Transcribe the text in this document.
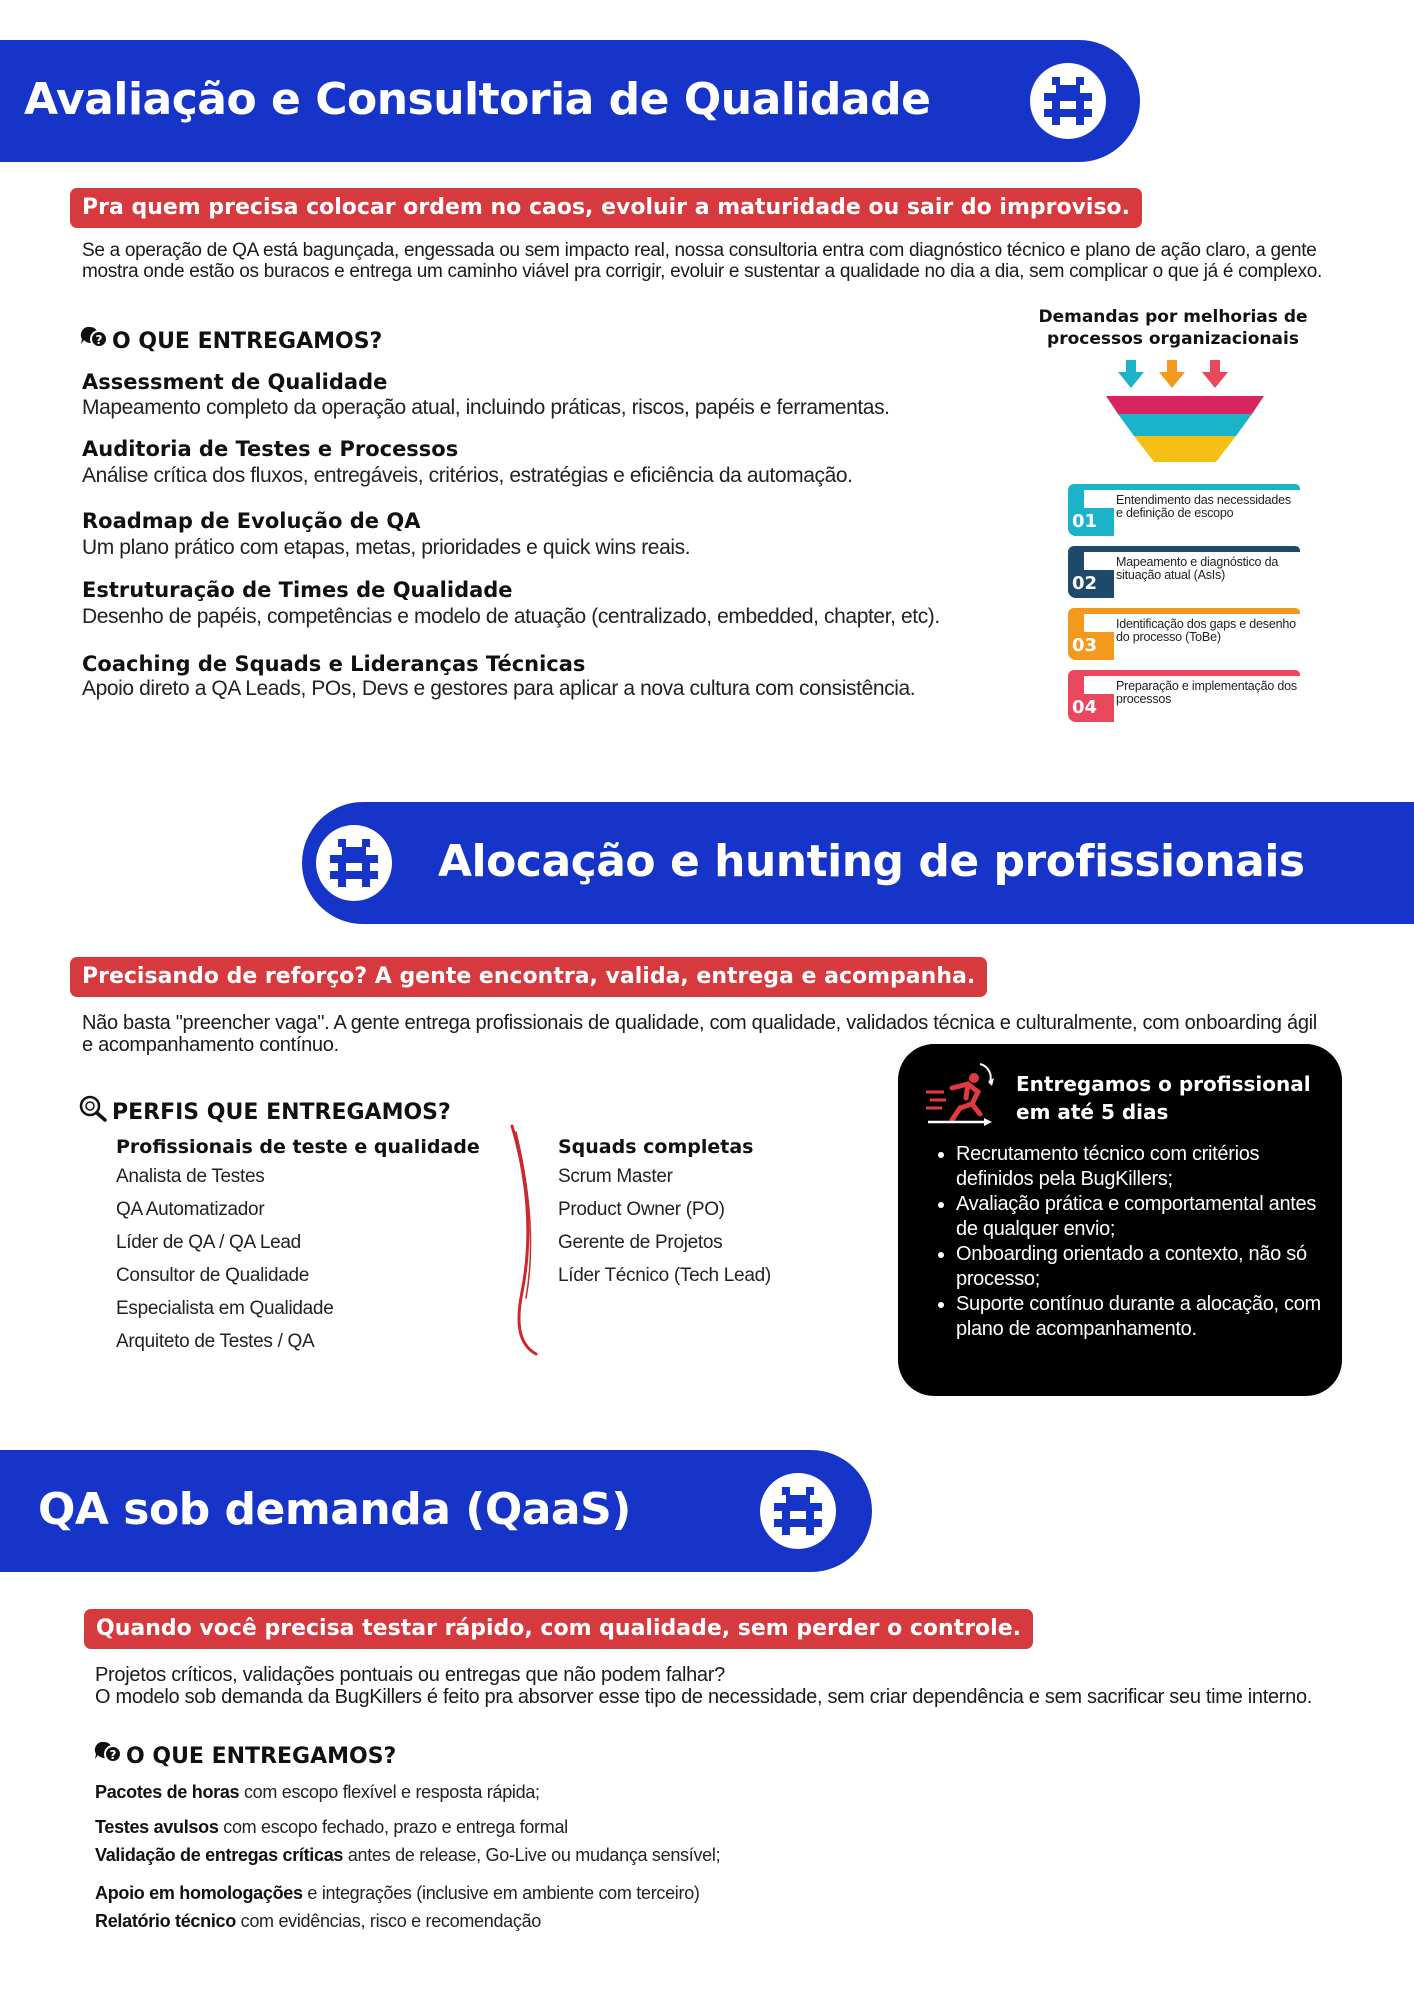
Avaliação e Consultoria de Qualidade
Pra quem precisa colocar ordem no caos, evoluir a maturidade ou sair do improviso.
Se a operação de QA está bagunçada, engessada ou sem impacto real, nossa consultoria entra com diagnóstico técnico e plano de ação claro, a gente mostra onde estão os buracos e entrega um caminho viável pra corrigir, evoluir e sustentar a qualidade no dia a dia, sem complicar o que já é complexo.
? O QUE ENTREGAMOS?
Assessment de Qualidade
Mapeamento completo da operação atual, incluindo práticas, riscos, papéis e ferramentas.
Auditoria de Testes e Processos
Análise crítica dos fluxos, entregáveis, critérios, estratégias e eficiência da automação.
Roadmap de Evolução de QA
Um plano prático com etapas, metas, prioridades e quick wins reais.
Estruturação de Times de Qualidade
Desenho de papéis, competências e modelo de atuação (centralizado, embedded, chapter, etc).
Coaching de Squads e Lideranças Técnicas
Apoio direto a QA Leads, POs, Devs e gestores para aplicar a nova cultura com consistência.
Demandas por melhorias de
processos organizacionais
01
Entendimento das necessidades e definição de escopo
02
Mapeamento e diagnóstico da situação atual (AsIs)
03
Identificação dos gaps e desenho do processo (ToBe)
04
Preparação e implementação dos processos
Alocação e hunting de profissionais
Precisando de reforço? A gente encontra, valida, entrega e acompanha.
Não basta "preencher vaga". A gente entrega profissionais de qualidade, com qualidade, validados técnica e culturalmente, com onboarding ágil e acompanhamento contínuo.
PERFIS QUE ENTREGAMOS?
Profissionais de teste e qualidade
Analista de Testes
QA Automatizador
Líder de QA / QA Lead
Consultor de Qualidade
Especialista em Qualidade
Arquiteto de Testes / QA
Squads completas
Scrum Master
Product Owner (PO)
Gerente de Projetos
Líder Técnico (Tech Lead)
Entregamos o profissional
em até 5 dias
• Recrutamento técnico com critérios definidos pela BugKillers;
• Avaliação prática e comportamental antes de qualquer envio;
• Onboarding orientado a contexto, não só processo;
• Suporte contínuo durante a alocação, com plano de acompanhamento.
QA sob demanda (QaaS)
Quando você precisa testar rápido, com qualidade, sem perder o controle.
Projetos críticos, validações pontuais ou entregas que não podem falhar?
O modelo sob demanda da BugKillers é feito pra absorver esse tipo de necessidade, sem criar dependência e sem sacrificar seu time interno.
? O QUE ENTREGAMOS?
Pacotes de horas com escopo flexível e resposta rápida;
Testes avulsos com escopo fechado, prazo e entrega formal
Validação de entregas críticas antes de release, Go-Live ou mudança sensível;
Apoio em homologações e integrações (inclusive em ambiente com terceiro)
Relatório técnico com evidências, risco e recomendação
